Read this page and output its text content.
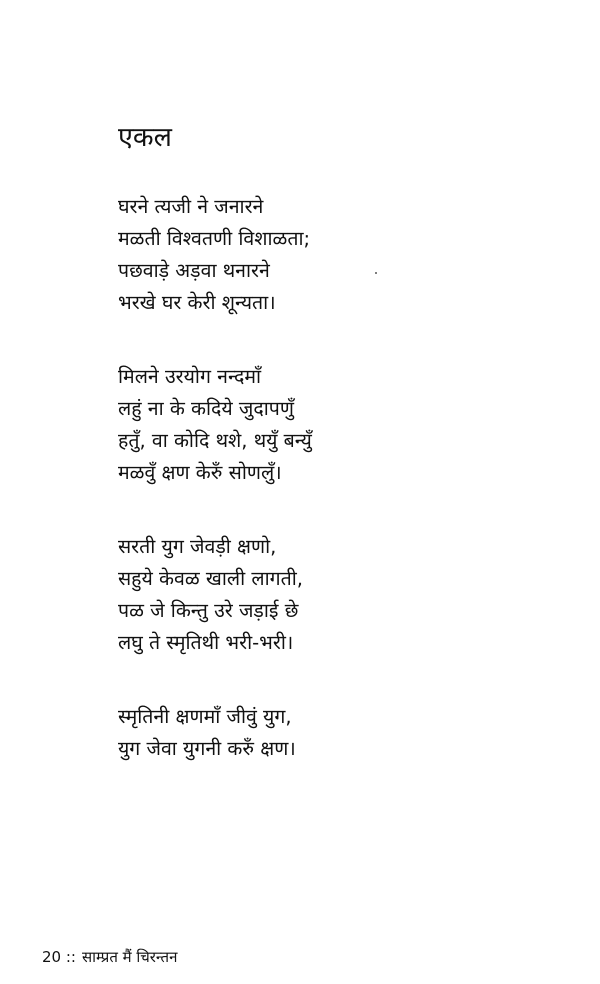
एकल
घरने त्यजी ने जनारने
मळती विश्वतणी विशाळता;
पछवाड़े अड़वा थनारने
भरखे घर केरी शून्यता।
मिलने उरयोग नन्दमाँ
लहुं ना के कदिये जुदापणुँ
हतुँ, वा कोदि थशे, थयुँ बन्युँ
मळवुँ क्षण केरुँ सोणलुँ।
सरती युग जेवड़ी क्षणो,
सहुये केवळ खाली लागती,
पळ जे किन्तु उरे जड़ाई छे
लघु ते स्मृतिथी भरी-भरी।
स्मृतिनी क्षणमाँ जीवुं युग,
युग जेवा युगनी करुँ क्षण।
20 :: साम्प्रत मैं चिरन्तन
